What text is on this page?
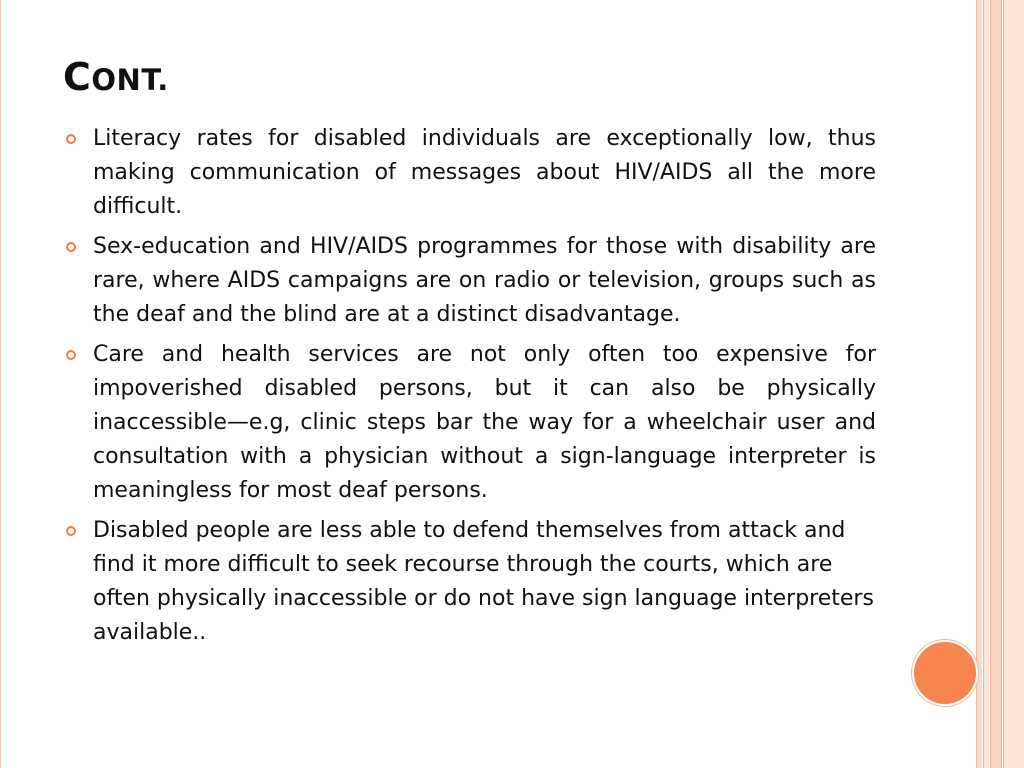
CONT.
Literacy rates for disabled individuals are exceptionally low, thus making communication of messages about HIV/AIDS all the more difficult.
Sex-education and HIV/AIDS programmes for those with disability are rare, where AIDS campaigns are on radio or television, groups such as the deaf and the blind are at a distinct disadvantage.
Care and health services are not only often too expensive for impoverished disabled persons, but it can also be physically inaccessible—e.g, clinic steps bar the way for a wheelchair user and consultation with a physician without a sign-language interpreter is meaningless for most deaf persons.
Disabled people are less able to defend themselves from attack and find it more difficult to seek recourse through the courts, which are often physically inaccessible or do not have sign language interpreters available..
